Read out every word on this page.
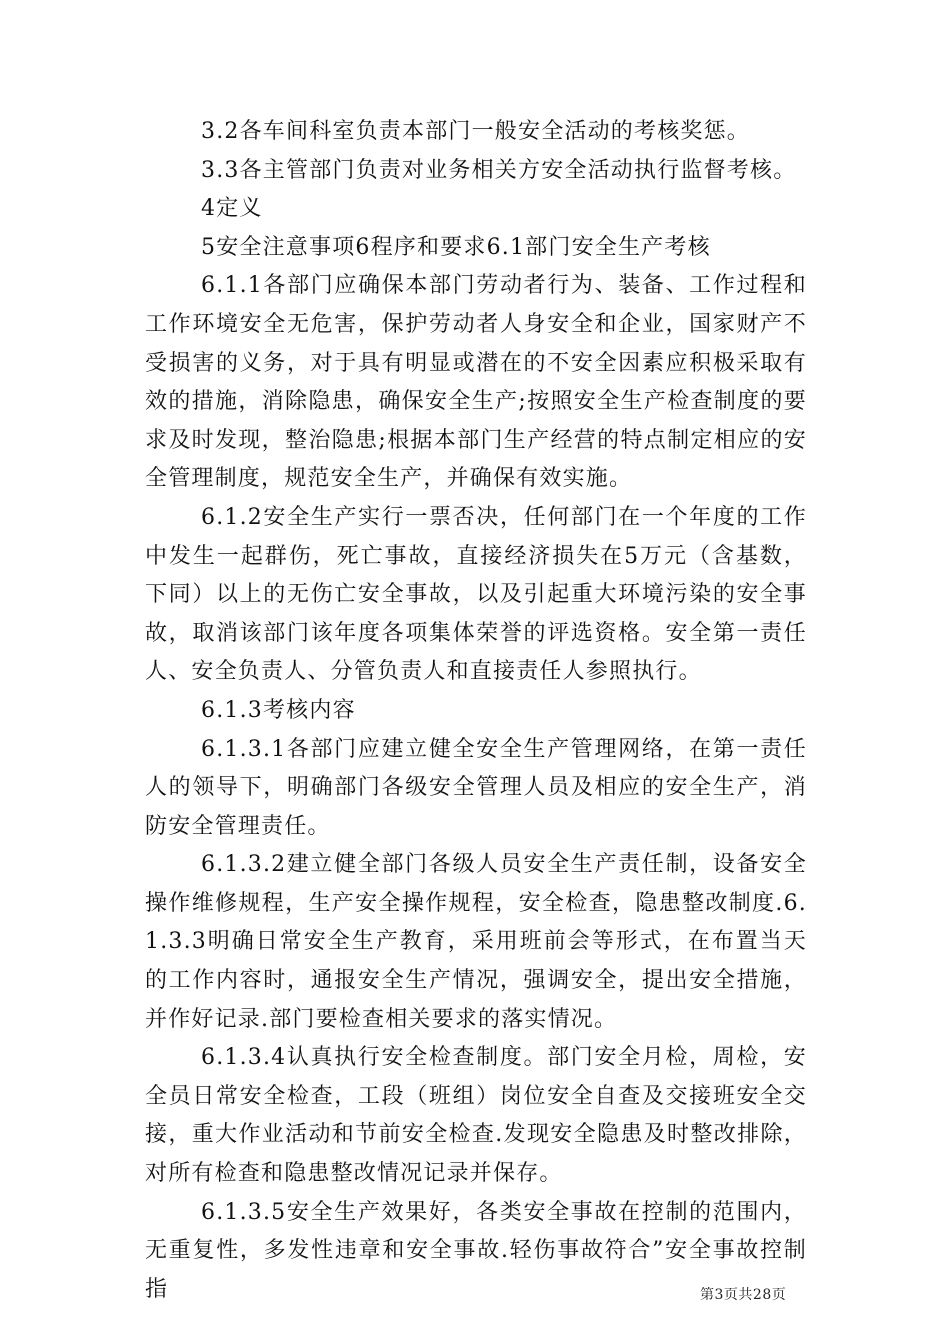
3.2各车间科室负责本部门一般安全活动的考核奖惩。

3.3各主管部门负责对业务相关方安全活动执行监督考核。

4定义

5安全注意事项6程序和要求6.1部门安全生产考核

6.1.1各部门应确保本部门劳动者行为、装备、工作过程和工作环境安全无危害，保护劳动者人身安全和企业，国家财产不受损害的义务，对于具有明显或潜在的不安全因素应积极采取有效的措施，消除隐患，确保安全生产;按照安全生产检查制度的要求及时发现，整治隐患;根据本部门生产经营的特点制定相应的安全管理制度，规范安全生产，并确保有效实施。

6.1.2安全生产实行一票否决，任何部门在一个年度的工作中发生一起群伤，死亡事故，直接经济损失在5万元（含基数，下同）以上的无伤亡安全事故，以及引起重大环境污染的安全事故，取消该部门该年度各项集体荣誉的评选资格。安全第一责任人、安全负责人、分管负责人和直接责任人参照执行。

6.1.3考核内容

6.1.3.1各部门应建立健全安全生产管理网络，在第一责任人的领导下，明确部门各级安全管理人员及相应的安全生产，消防安全管理责任。

6.1.3.2建立健全部门各级人员安全生产责任制，设备安全操作维修规程，生产安全操作规程，安全检查，隐患整改制度.6.1.3.3明确日常安全生产教育，采用班前会等形式，在布置当天的工作内容时，通报安全生产情况，强调安全，提出安全措施，并作好记录.部门要检查相关要求的落实情况。

6.1.3.4认真执行安全检查制度。部门安全月检，周检，安全员日常安全检查，工段（班组）岗位安全自查及交接班安全交接，重大作业活动和节前安全检查.发现安全隐患及时整改排除，对所有检查和隐患整改情况记录并保存。

6.1.3.5安全生产效果好，各类安全事故在控制的范围内，无重复性，多发性违章和安全事故.轻伤事故符合”安全事故控制指	第3页共28页
